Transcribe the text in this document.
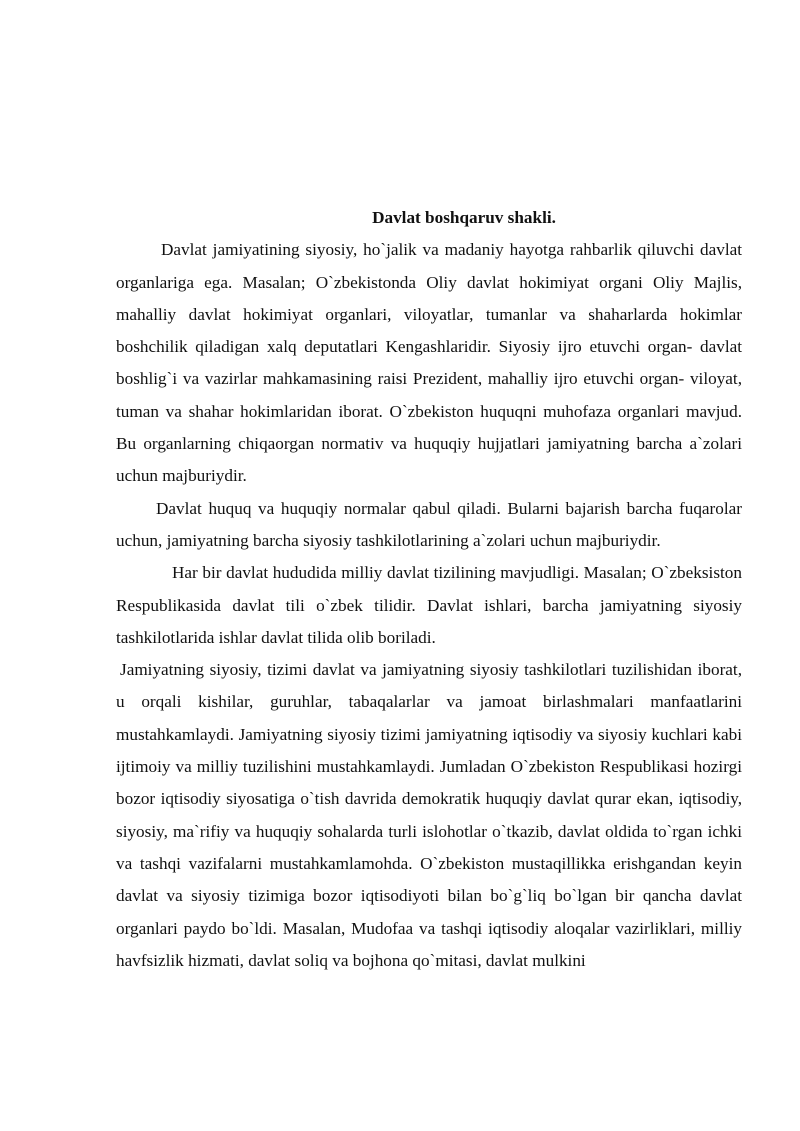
Davlat boshqaruv shakli.

Davlat jamiyatining siyosiy, ho`jalik va madaniy hayotga rahbarlik qiluvchi davlat organlariga ega. Masalan; O`zbekistonda Oliy davlat hokimiyat organi Oliy Majlis, mahalliy davlat hokimiyat organlari, viloyatlar, tumanlar va shaharlarda hokimlar boshchilik qiladigan xalq deputatlari Kengashlaridir. Siyosiy ijro etuvchi organ- davlat boshlig`i va vazirlar mahkamasining raisi Prezident, mahalliy ijro etuvchi organ- viloyat, tuman va shahar hokimlaridan iborat. O`zbekiston huquqni muhofaza organlari mavjud. Bu organlarning chiqaorgan normativ va huquqiy hujjatlari jamiyatning barcha a`zolari uchun majburiydir.

Davlat huquq va huquqiy normalar qabul qiladi. Bularni bajarish barcha fuqarolar uchun, jamiyatning barcha siyosiy tashkilotlarining a`zolari uchun majburiydir.

Har bir davlat hududida milliy davlat tizilining mavjudligi. Masalan; O`zbeksiston Respublikasida davlat tili o`zbek tilidir. Davlat ishlari, barcha jamiyatning siyosiy tashkilotlarida ishlar davlat tilida olib boriladi.

Jamiyatning siyosiy, tizimi davlat va jamiyatning siyosiy tashkilotlari tuzilishidan iborat, u orqali kishilar, guruhlar, tabaqalarlar va jamoat birlashmalari manfaatlarini mustahkamlaydi. Jamiyatning siyosiy tizimi jamiyatning iqtisodiy va siyosiy kuchlari kabi ijtimoiy va milliy tuzilishini mustahkamlaydi. Jumladan O`zbekiston Respublikasi hozirgi bozor iqtisodiy siyosatiga o`tish davrida demokratik huquqiy davlat qurar ekan, iqtisodiy, siyosiy, ma`rifiy va huquqiy sohalarda turli islohotlar o`tkazib, davlat oldida to`rgan ichki va tashqi vazifalarni mustahkamlamohda. O`zbekiston mustaqillikka erishgandan keyin davlat va siyosiy tizimiga bozor iqtisodiyoti bilan bo`g`liq bo`lgan bir qancha davlat organlari paydo bo`ldi. Masalan, Mudofaa va tashqi iqtisodiy aloqalar vazirliklari, milliy havfsizlik hizmati, davlat soliq va bojhona qo`mitasi, davlat mulkini
